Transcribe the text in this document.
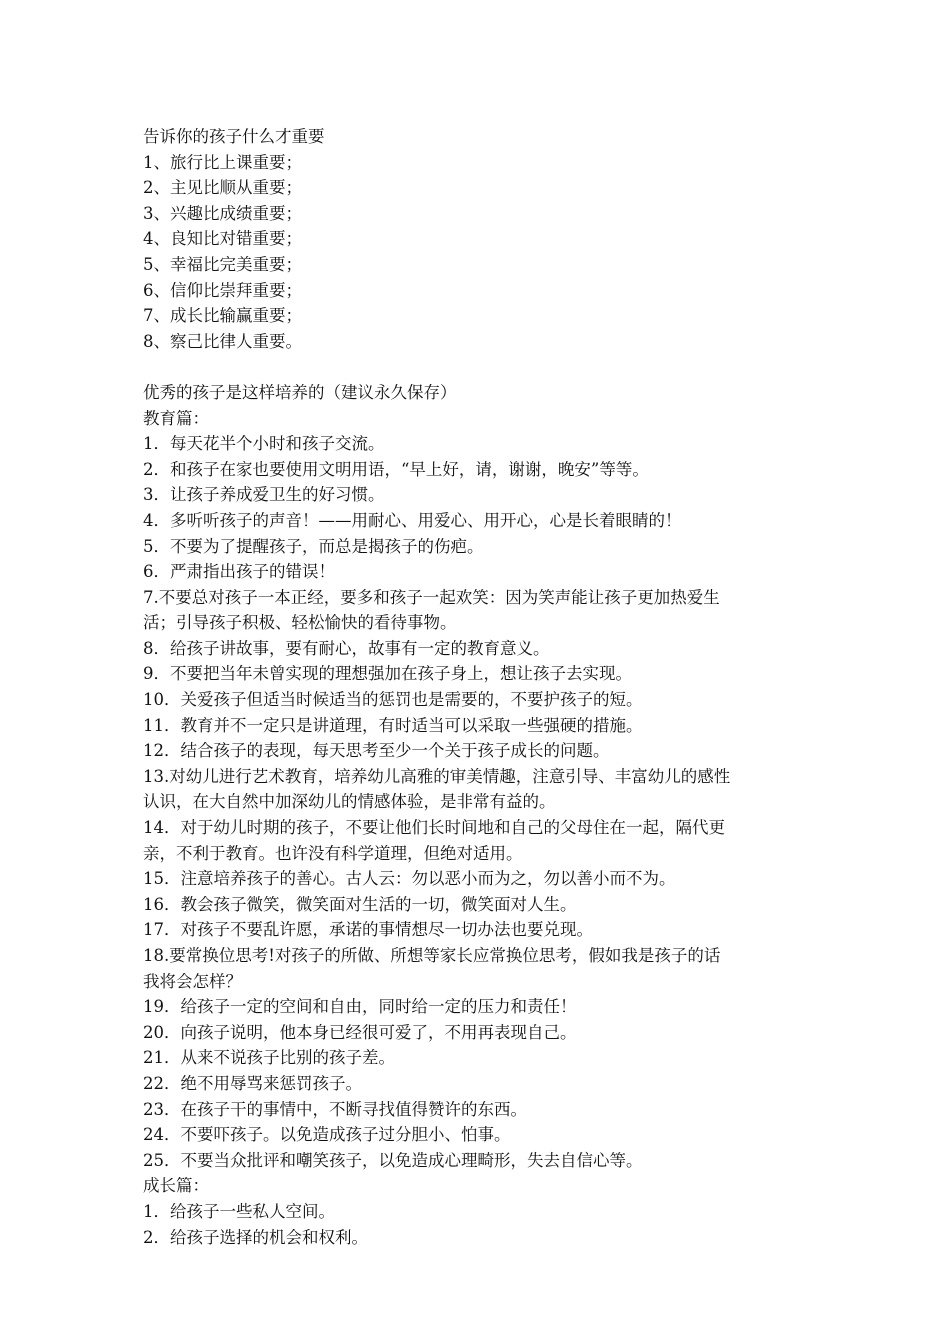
告诉你的孩子什么才重要
1、旅行比上课重要；
2、主见比顺从重要；
3、兴趣比成绩重要；
4、良知比对错重要；
5、幸福比完美重要；
6、信仰比崇拜重要；
7、成长比输赢重要；
8、察己比律人重要。
优秀的孩子是这样培养的（建议永久保存）
教育篇：
1．每天花半个小时和孩子交流。
2．和孩子在家也要使用文明用语，“早上好，请，谢谢，晚安”等等。
3．让孩子养成爱卫生的好习惯。
4．多听听孩子的声音！——用耐心、用爱心、用开心，心是长着眼睛的！
5．不要为了提醒孩子，而总是揭孩子的伤疤。
6．严肃指出孩子的错误！
7.不要总对孩子一本正经，要多和孩子一起欢笑：因为笑声能让孩子更加热爱生
活；引导孩子积极、轻松愉快的看待事物。
8．给孩子讲故事，要有耐心，故事有一定的教育意义。
9．不要把当年未曾实现的理想强加在孩子身上，想让孩子去实现。
10．关爱孩子但适当时候适当的惩罚也是需要的，不要护孩子的短。
11．教育并不一定只是讲道理，有时适当可以采取一些强硬的措施。
12．结合孩子的表现，每天思考至少一个关于孩子成长的问题。
13.对幼儿进行艺术教育，培养幼儿高雅的审美情趣，注意引导、丰富幼儿的感性
认识，在大自然中加深幼儿的情感体验，是非常有益的。
14．对于幼儿时期的孩子，不要让他们长时间地和自己的父母住在一起，隔代更
亲，不利于教育。也许没有科学道理，但绝对适用。
15．注意培养孩子的善心。古人云：勿以恶小而为之，勿以善小而不为。
16．教会孩子微笑，微笑面对生活的一切，微笑面对人生。
17．对孩子不要乱许愿，承诺的事情想尽一切办法也要兑现。
18.要常换位思考!对孩子的所做、所想等家长应常换位思考，假如我是孩子的话
我将会怎样？
19．给孩子一定的空间和自由，同时给一定的压力和责任！
20．向孩子说明，他本身已经很可爱了，不用再表现自己。
21．从来不说孩子比别的孩子差。
22．绝不用辱骂来惩罚孩子。
23．在孩子干的事情中，不断寻找值得赞许的东西。
24．不要吓孩子。以免造成孩子过分胆小、怕事。
25．不要当众批评和嘲笑孩子，以免造成心理畸形，失去自信心等。
成长篇：
1．给孩子一些私人空间。
2．给孩子选择的机会和权利。
